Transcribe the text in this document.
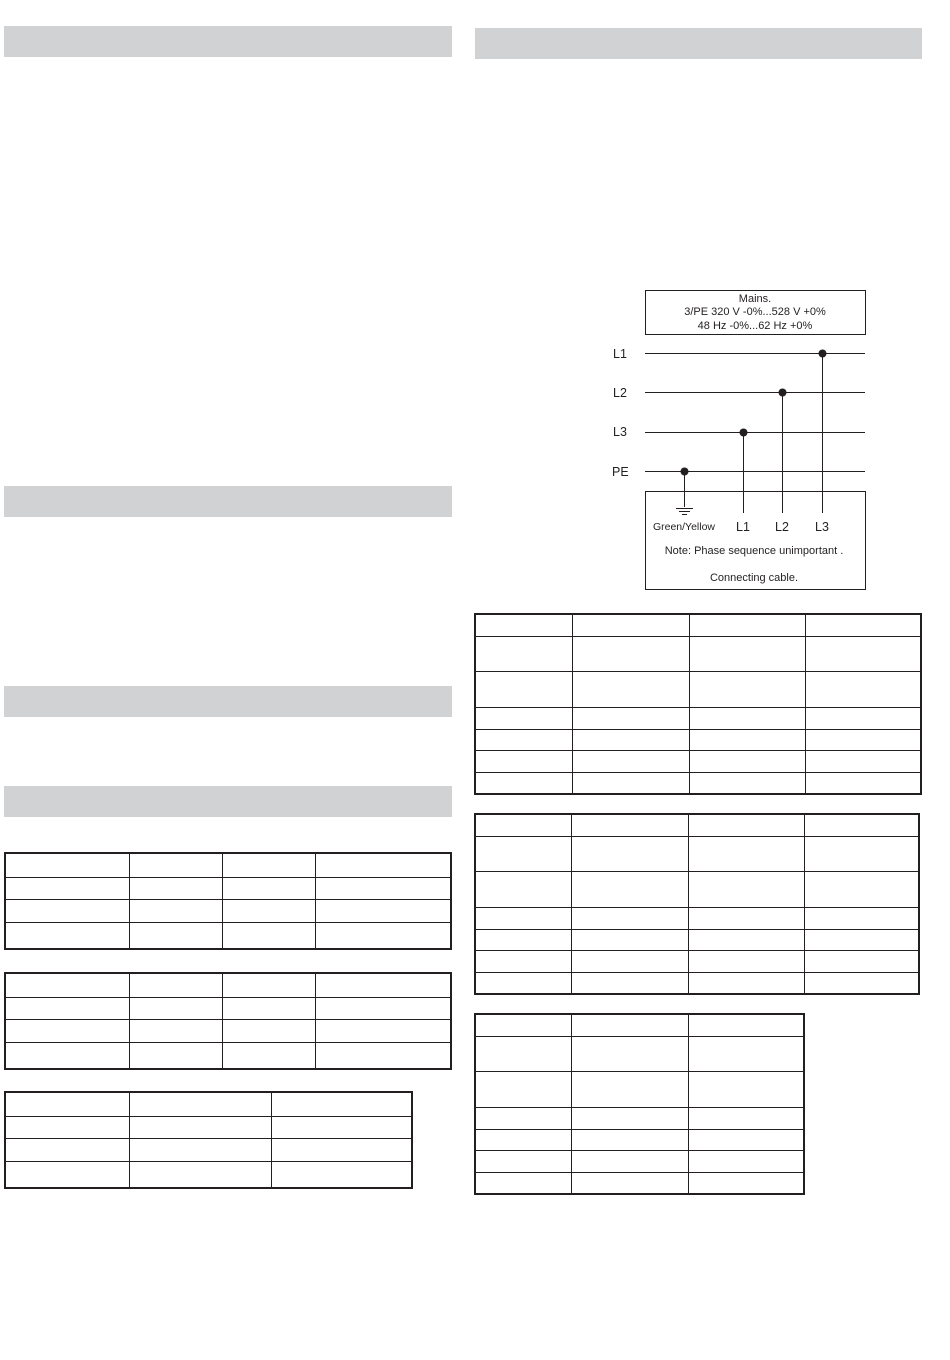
Mains.
3/PE 320 V -0%...528 V +0%
48 Hz -0%...62 Hz +0%
L1
L2
L3
PE
Green/Yellow L1 L2 L3
Note: Phase sequence unimportant .
Connecting cable.
